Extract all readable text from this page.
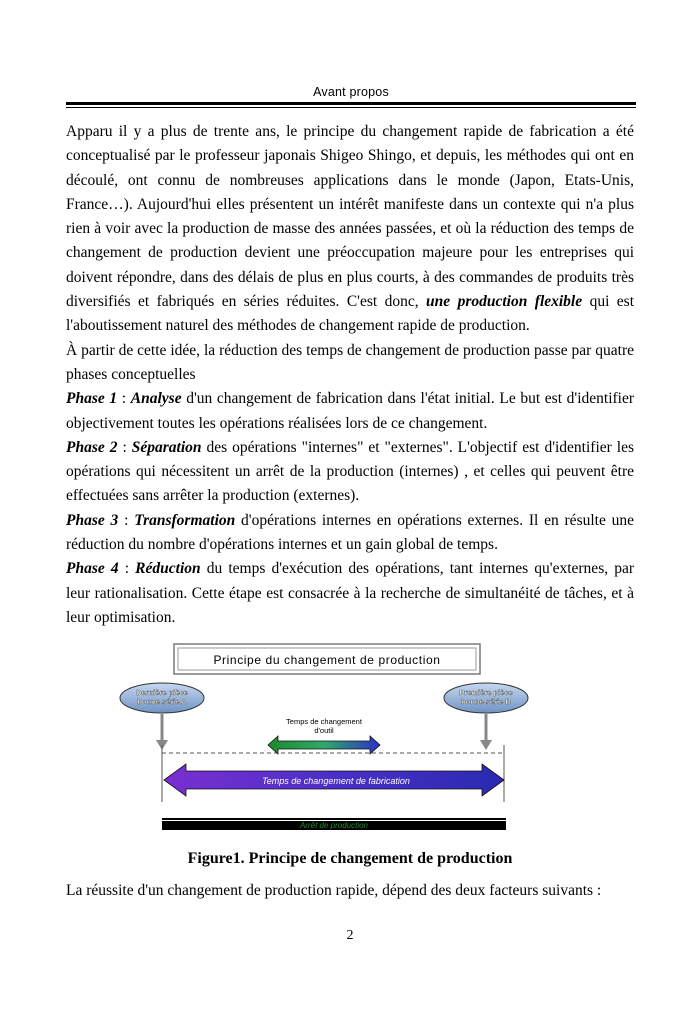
Avant propos

Apparu il y a plus de trente ans, le principe du changement rapide de fabrication a été conceptualisé par le professeur japonais Shigeo Shingo, et depuis, les méthodes qui ont en découlé, ont connu de nombreuses applications dans le monde (Japon, Etats-Unis, France…). Aujourd'hui elles présentent un intérêt manifeste dans un contexte qui n'a plus rien à voir avec la production de masse des années passées, et où la réduction des temps de changement de production devient une préoccupation majeure pour les entreprises qui doivent répondre, dans des délais de plus en plus courts, à des commandes de produits très diversifiés et fabriqués en séries réduites. C'est donc, une production flexible qui est l'aboutissement naturel des méthodes de changement rapide de production.

À partir de cette idée, la réduction des temps de changement de production passe par quatre phases conceptuelles

Phase 1 : Analyse d'un changement de fabrication dans l'état initial. Le but est d'identifier objectivement toutes les opérations réalisées lors de ce changement.

Phase 2 : Séparation des opérations "internes" et "externes". L'objectif est d'identifier les opérations qui nécessitent un arrêt de la production (internes) , et celles qui peuvent être effectuées sans arrêter la production (externes).

Phase 3 : Transformation d'opérations internes en opérations externes. Il en résulte une réduction du nombre d'opérations internes et un gain global de temps.

Phase 4 : Réduction du temps d'exécution des opérations, tant internes qu'externes, par leur rationalisation. Cette étape est consacrée à la recherche de simultanéité de tâches, et à leur optimisation.

Principe du changement de production
Dernière pièce
bonne série A
Première pièce
bonne série B
Temps de changement
d'outil
Temps de changement de fabrication
Arrêt de production
Figure1. Principe de changement de production

La réussite d'un changement de production rapide, dépend des deux facteurs suivants :

2
